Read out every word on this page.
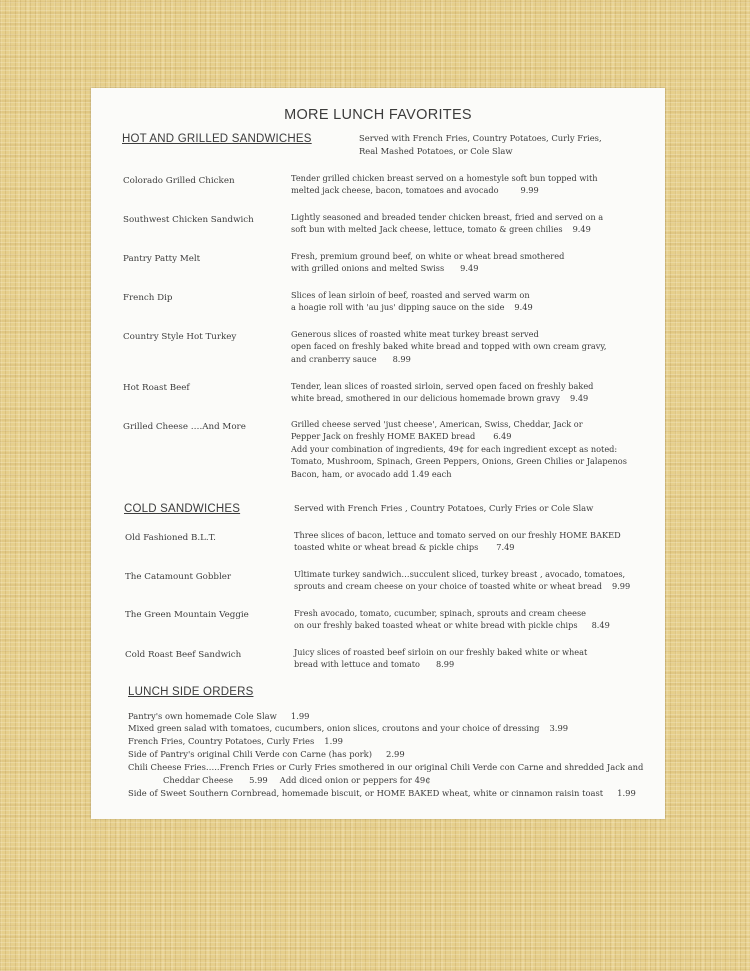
MORE LUNCH FAVORITES
HOT AND GRILLED SANDWICHES	Served with French Fries, Country Potatoes, Curly Fries,
Real Mashed Potatoes, or Cole Slaw
Colorado Grilled Chicken	Tender grilled chicken breast served on a homestyle soft bun topped with
melted jack cheese, bacon, tomatoes and avocado	9.99
Southwest Chicken Sandwich	Lightly seasoned and breaded tender chicken breast, fried and served on a
soft bun with melted Jack cheese, lettuce, tomato & green chilies 9.49
Pantry Patty Melt	Fresh, premium ground beef, on white or wheat bread smothered
with grilled onions and melted Swiss 9.49
French Dip	Slices of lean sirloin of beef, roasted and served warm on
a hoagie roll with 'au jus' dipping sauce on the side 9.49
Country Style Hot Turkey	Generous slices of roasted white meat turkey breast served
open faced on freshly baked white bread and topped with own cream gravy,
and cranberry sauce 8.99
Hot Roast Beef	Tender, lean slices of roasted sirloin, served open faced on freshly baked
white bread, smothered in our delicious homemade brown gravy 9.49
Grilled Cheese ….And More	Grilled cheese served 'just cheese', American, Swiss, Cheddar, Jack or
Pepper Jack on freshly HOME BAKED bread 6.49
Add your combination of ingredients, 49¢ for each ingredient except as noted:
Tomato, Mushroom, Spinach, Green Peppers, Onions, Green Chilies or Jalapenos
Bacon, ham, or avocado add 1.49 each
COLD SANDWICHES	Served with French Fries , Country Potatoes, Curly Fries or Cole Slaw
Old Fashioned B.L.T.	Three slices of bacon, lettuce and tomato served on our freshly HOME BAKED
toasted white or wheat bread & pickle chips 7.49
The Catamount Gobbler	Ultimate turkey sandwich…succulent sliced, turkey breast , avocado, tomatoes,
sprouts and cream cheese on your choice of toasted white or wheat bread 9.99
The Green Mountain Veggie	Fresh avocado, tomato, cucumber, spinach, sprouts and cream cheese
on our freshly baked toasted wheat or white bread with pickle chips 8.49
Cold Roast Beef Sandwich	Juicy slices of roasted beef sirloin on our freshly baked white or wheat
bread with lettuce and tomato 8.99
LUNCH SIDE ORDERS
Pantry's own homemade Cole Slaw 1.99
Mixed green salad with tomatoes, cucumbers, onion slices, croutons and your choice of dressing 3.99
French Fries, Country Potatoes, Curly Fries 1.99
Side of Pantry's original Chili Verde con Carne (has pork) 2.99
Chili Cheese Fries…..French Fries or Curly Fries smothered in our original Chili Verde con Carne and shredded Jack and
Cheddar Cheese 5.99 Add diced onion or peppers for 49¢
Side of Sweet Southern Cornbread, homemade biscuit, or HOME BAKED wheat, white or cinnamon raisin toast 1.99
